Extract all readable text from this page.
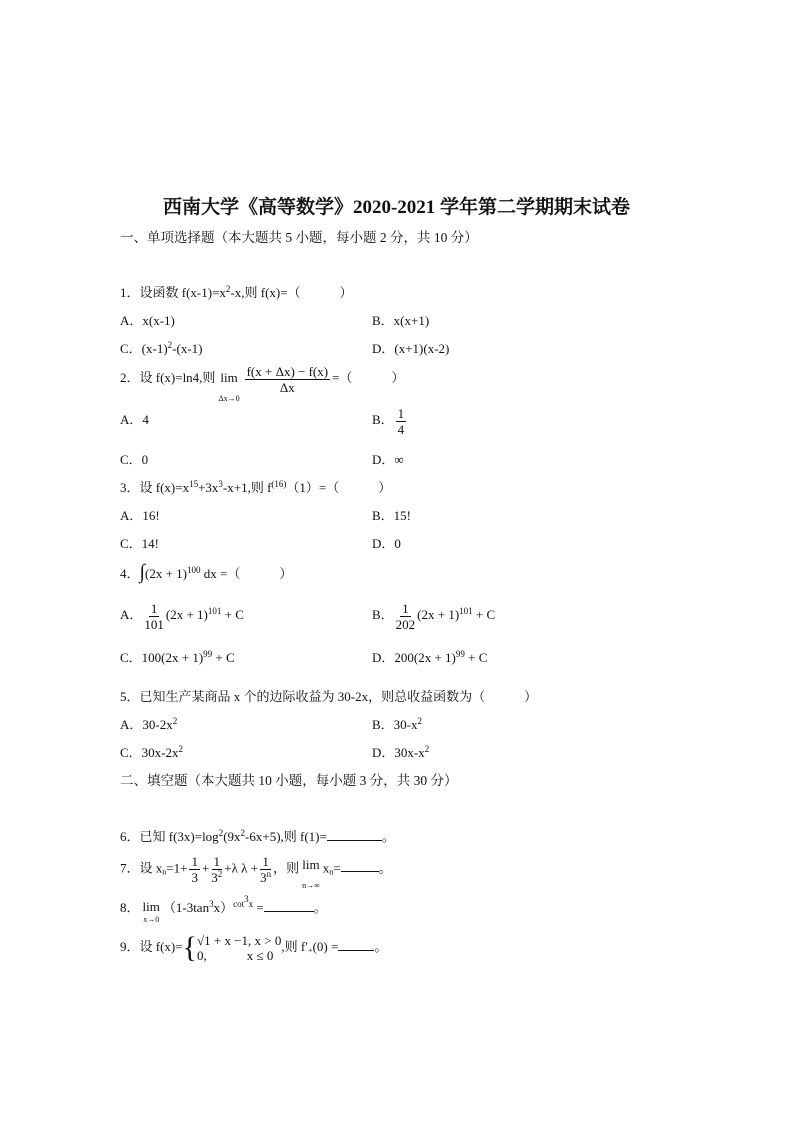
西南大学《高等数学》2020-2021 学年第二学期期末试卷
一、单项选择题（本大题共 5 小题，每小题 2 分，共 10 分）
1．设函数 $f(x-1)=x^2-x$,则 f(x)=（　　　）
A．x(x-1)	B．x(x+1)
C．$(x-1)^2-(x-1)$	D．(x+1)(x-2)
2．设 f(x)=ln4,则 lim
Δx→0
$\frac{f(x + \Delta x) - f(x)}{\Delta x}$ =（　　　）
A．4	B． $\frac{1}{4}$
C．0	D．∞
3．设 $f(x)=x^{15}+3x^3-x+1$,则 $f^{(16)}(1)=$（　　　）
A．16!	B．15!
C．14!	D．0
4．$\int(2x + 1)^{100}$ dx =（　　　）
A． $\frac{1}{101} (2x + 1)^{101} + C$	B． $\frac{1}{202} (2x + 1)^{101} + C$
C．$100(2x + 1)^{99} + C$	D．$200(2x + 1)^{99} + C$
5．已知生产某商品 x 个的边际收益为 30-2x，则总收益函数为（　　　）
A．$30-2x^2$	B．$30-x^2$
C．$30x-2x^2$	D．$30x-x^2$
二、填空题（本大题共 10 小题，每小题 3 分，共 30 分）
6．已知 $f(3x)=\log^2(9x^2-6x+5)$,则 f(1)=	。
7．设 $x_n=1+ \frac{1}{3} + \frac{1}{3^2} +\lambda$ $\lambda + \frac{1}{3^n}$ ，则 lim
n→∞
$x_n=$	。
8． lim
x→0
$(1-3\tan^3x)^{cot^3x}$ =	。
9．设 f(x)={ √1 + x −1, x > 0
0,	x ≤ 0
,则 $f'_+(0)$ =	。
